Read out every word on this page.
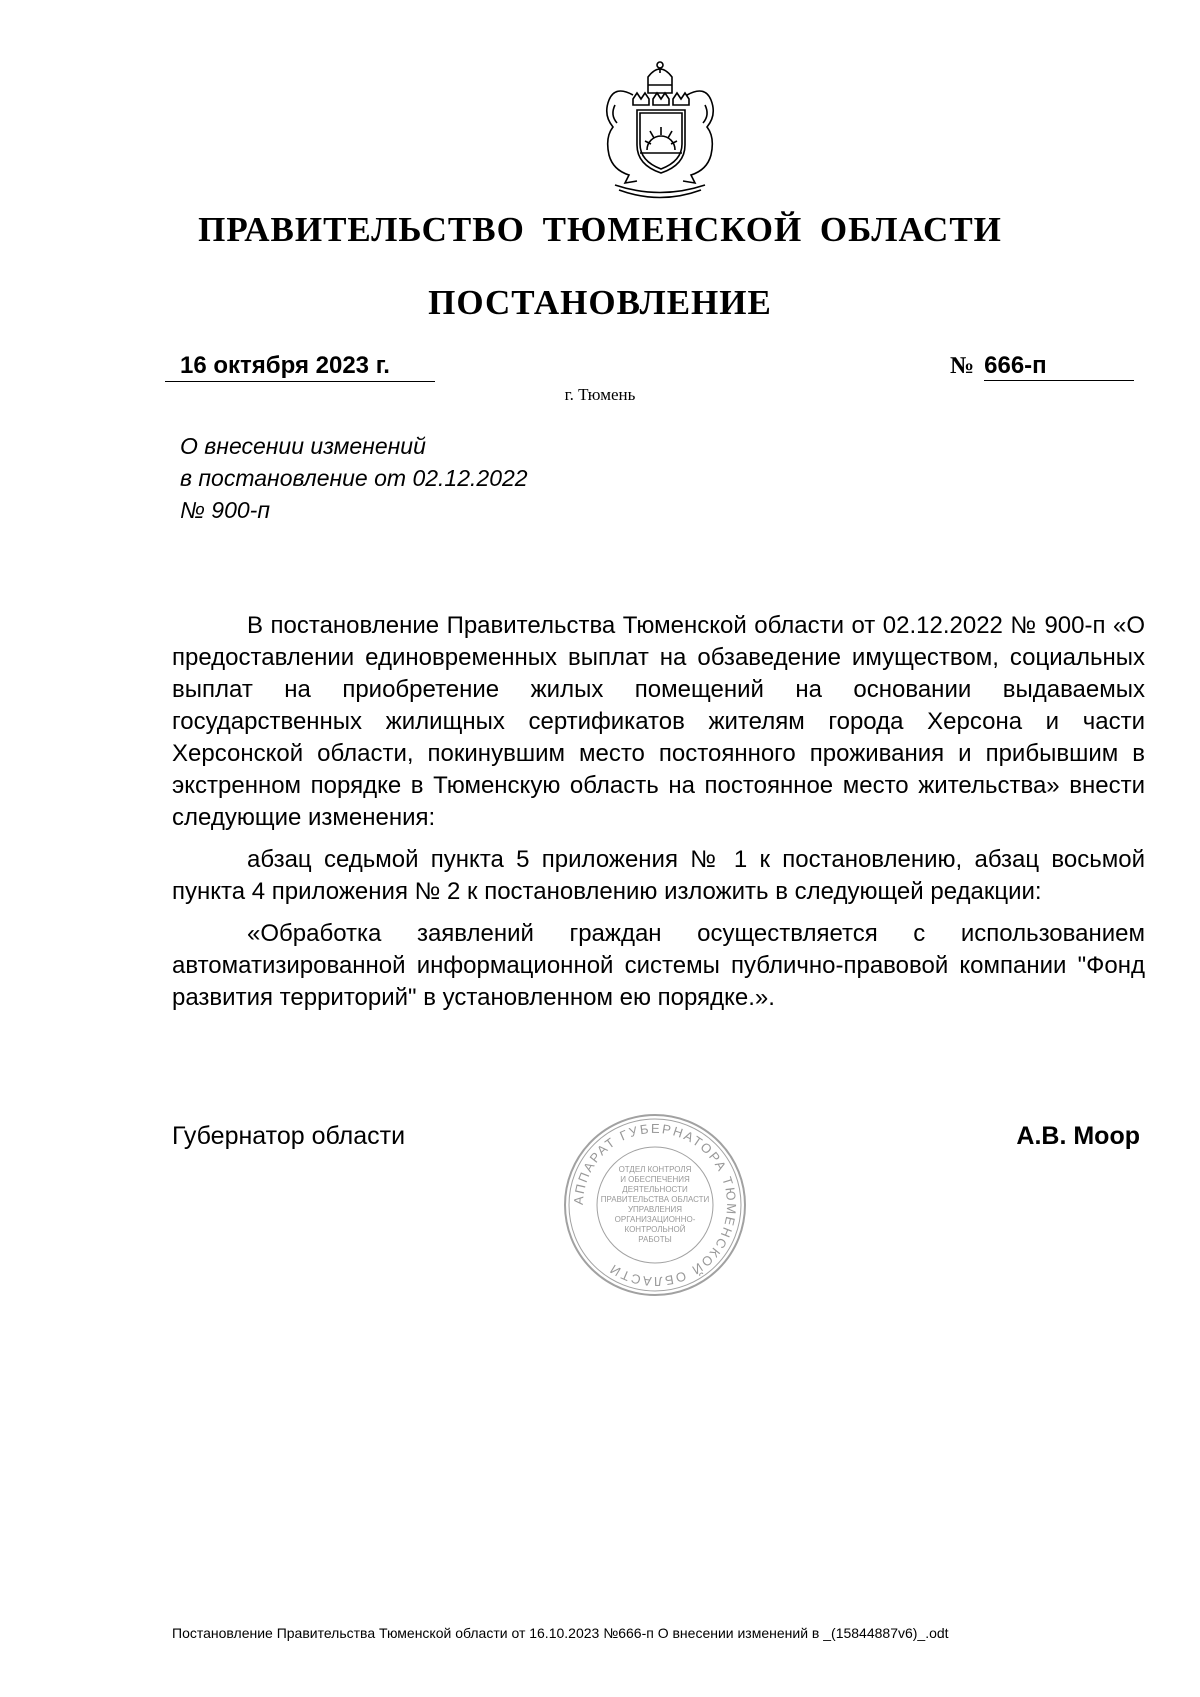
ПРАВИТЕЛЬСТВО ТЮМЕНСКОЙ ОБЛАСТИ
ПОСТАНОВЛЕНИЕ
16 октября 2023 г.	№ 666-п
г. Тюмень
О внесении изменений
в постановление от 02.12.2022
№ 900-п

В постановление Правительства Тюменской области от 02.12.2022 № 900-п «О предоставлении единовременных выплат на обзаведение имуществом, социальных выплат на приобретение жилых помещений на основании выдаваемых государственных жилищных сертификатов жителям города Херсона и части Херсонской области, покинувшим место постоянного проживания и прибывшим в экстренном порядке в Тюменскую область на постоянное место жительства» внести следующие изменения:

абзац седьмой пункта 5 приложения № 1 к постановлению, абзац восьмой пункта 4 приложения № 2 к постановлению изложить в следующей редакции:

«Обработка заявлений граждан осуществляется с использованием автоматизированной информационной системы публично-правовой компании "Фонд развития территорий" в установленном ею порядке.».

Губернатор области	А.В. Моор
АППАРАТ ГУБЕРНАТОРА ТЮМЕНСКОЙ ОБЛАСТИ
ОТДЕЛ КОНТРОЛЯ
И ОБЕСПЕЧЕНИЯ
ДЕЯТЕЛЬНОСТИ
ПРАВИТЕЛЬСТВА ОБЛАСТИ
УПРАВЛЕНИЯ
ОРГАНИЗАЦИОННО-
КОНТРОЛЬНОЙ
РАБОТЫ
Постановление Правительства Тюменской области от 16.10.2023 №666-п О внесении изменений в _(15844887v6)_.odt
